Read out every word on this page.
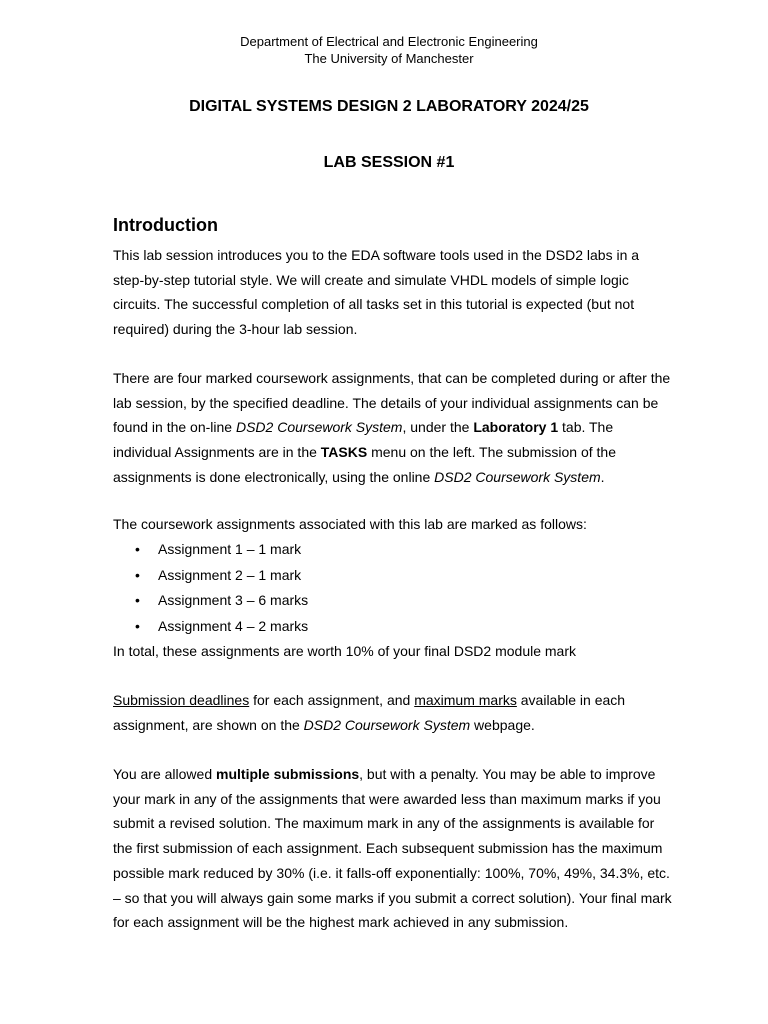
Department of Electrical and Electronic Engineering
The University of Manchester
DIGITAL SYSTEMS DESIGN 2 LABORATORY 2024/25
LAB SESSION #1
Introduction

This lab session introduces you to the EDA software tools used in the DSD2 labs in a step-by-step tutorial style. We will create and simulate VHDL models of simple logic circuits. The successful completion of all tasks set in this tutorial is expected (but not required) during the 3-hour lab session.

There are four marked coursework assignments, that can be completed during or after the lab session, by the specified deadline. The details of your individual assignments can be found in the on-line DSD2 Coursework System, under the Laboratory 1 tab. The individual Assignments are in the TASKS menu on the left. The submission of the assignments is done electronically, using the online DSD2 Coursework System.

The coursework assignments associated with this lab are marked as follows:

• Assignment 1 – 1 mark
• Assignment 2 – 1 mark
• Assignment 3 – 6 marks
• Assignment 4 – 2 marks

In total, these assignments are worth 10% of your final DSD2 module mark

Submission deadlines for each assignment, and maximum marks available in each assignment, are shown on the DSD2 Coursework System webpage.

You are allowed multiple submissions, but with a penalty. You may be able to improve your mark in any of the assignments that were awarded less than maximum marks if you submit a revised solution. The maximum mark in any of the assignments is available for the first submission of each assignment. Each subsequent submission has the maximum possible mark reduced by 30% (i.e. it falls-off exponentially: 100%, 70%, 49%, 34.3%, etc. – so that you will always gain some marks if you submit a correct solution). Your final mark for each assignment will be the highest mark achieved in any submission.
